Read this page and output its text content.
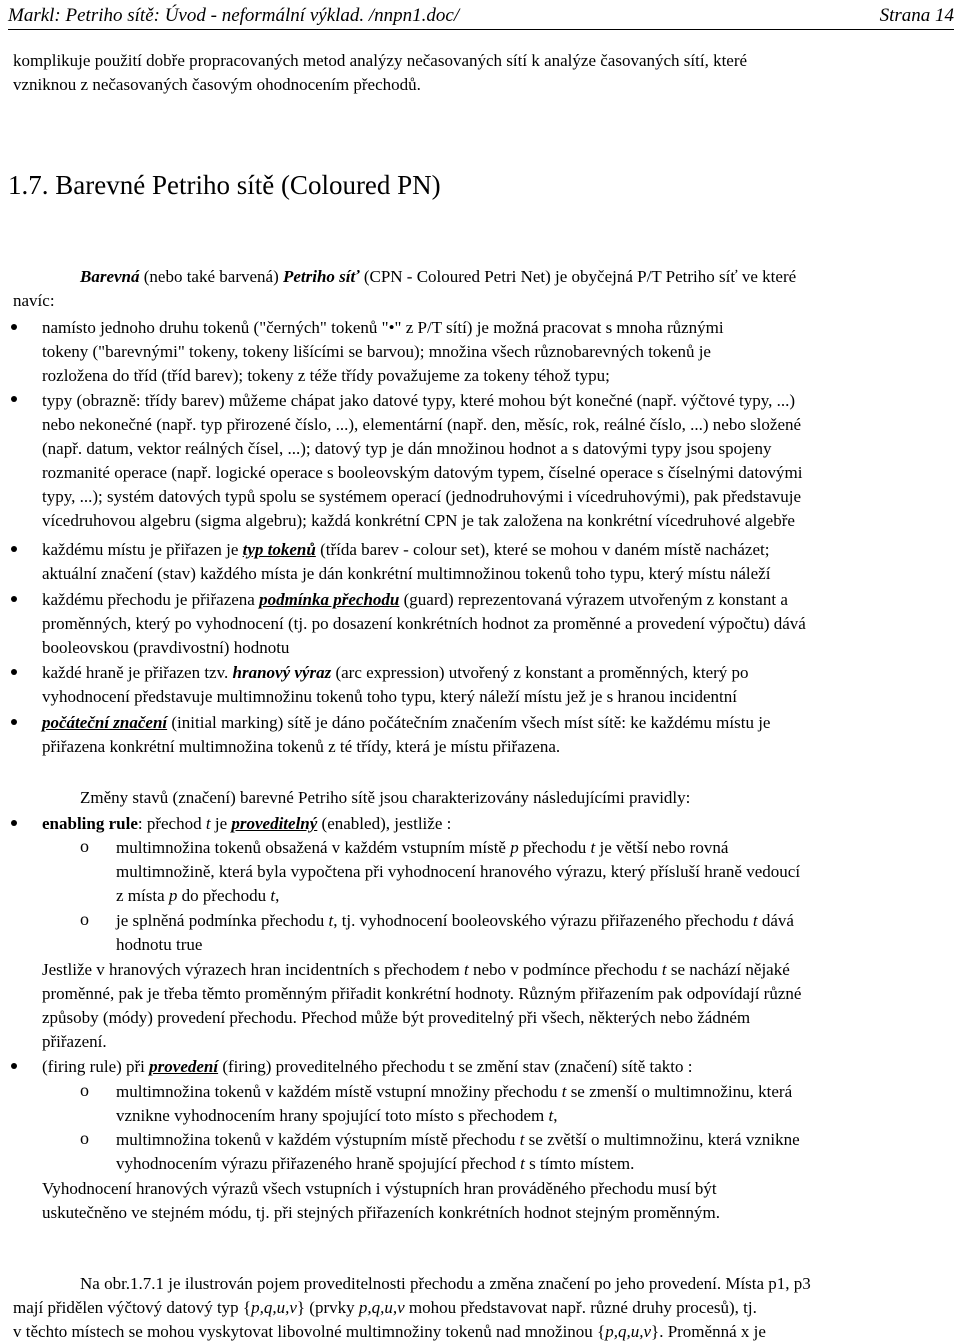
Markl: Petriho sítě: Úvod - neformální výklad. /nnpn1.doc/	Strana 14
komplikuje použití dobře propracovaných metod analýzy nečasovaných sítí k analýze časovaných sítí, které
vzniknou z nečasovaných časovým ohodnocením přechodů.
1.7. Barevné Petriho sítě (Coloured PN)
Barevná (nebo také barvená) Petriho síť (CPN - Coloured Petri Net) je obyčejná P/T Petriho síť ve které
navíc:
namísto jednoho druhu tokenů ("černých" tokenů "•" z P/T sítí) je možná pracovat s mnoha různými
tokeny ("barevnými" tokeny, tokeny lišícími se barvou); množina všech různobarevných tokenů je
rozložena do tříd (tříd barev); tokeny z téže třídy považujeme za tokeny téhož typu;
typy (obrazně: třídy barev) můžeme chápat jako datové typy, které mohou být konečné (např. výčtové typy, ...)
nebo nekonečné (např. typ přirozené číslo, ...), elementární (např. den, měsíc, rok, reálné číslo, ...) nebo složené
(např. datum, vektor reálných čísel, ...); datový typ je dán množinou hodnot a s datovými typy jsou spojeny
rozmanité operace (např. logické operace s booleovským datovým typem, číselné operace s číselnými datovými
typy, ...); systém datových typů spolu se systémem operací (jednodruhovými i vícedruhovými), pak představuje
vícedruhovou algebru (sigma algebru); každá konkrétní CPN je tak založena na konkrétní vícedruhové algebře
každému místu je přiřazen je typ tokenů (třída barev - colour set), které se mohou v daném místě nacházet;
aktuální značení (stav) každého místa je dán konkrétní multimnožinou tokenů toho typu, který místu náleží
každému přechodu je přiřazena podmínka přechodu (guard) reprezentovaná výrazem utvořeným z konstant a
proměnných, který po vyhodnocení (tj. po dosazení konkrétních hodnot za proměnné a provedení výpočtu) dává
booleovskou (pravdivostní) hodnotu
každé hraně je přiřazen tzv. hranový výraz (arc expression) utvořený z konstant a proměnných, který po
vyhodnocení představuje multimnožinu tokenů toho typu, který náleží místu jež je s hranou incidentní
počáteční značení (initial marking) sítě je dáno počátečním značením všech míst sítě: ke každému místu je
přiřazena konkrétní multimnožina tokenů z té třídy, která je místu přiřazena.
Změny stavů (značení) barevné Petriho sítě jsou charakterizovány následujícími pravidly:
enabling rule: přechod t je proveditelný (enabled), jestliže :
o multimnožina tokenů obsažená v každém vstupním místě p přechodu t je větší nebo rovná
multimnožině, která byla vypočtena při vyhodnocení hranového výrazu, který přísluší hraně vedoucí
z místa p do přechodu t,
o je splněná podmínka přechodu t, tj. vyhodnocení booleovského výrazu přiřazeného přechodu t dává
hodnotu true
Jestliže v hranových výrazech hran incidentních s přechodem t nebo v podmínce přechodu t se nachází nějaké
proměnné, pak je třeba těmto proměnným přiřadit konkrétní hodnoty. Různým přiřazením pak odpovídají různé
způsoby (módy) provedení přechodu. Přechod může být proveditelný při všech, některých nebo žádném
přiřazení.
(firing rule) při provedení (firing) proveditelného přechodu t se změní stav (značení) sítě takto :
o multimnožina tokenů v každém místě vstupní množiny přechodu t se zmenší o multimnožinu, která
vznikne vyhodnocením hrany spojující toto místo s přechodem t,
o multimnožina tokenů v každém výstupním místě přechodu t se zvětší o multimnožinu, která vznikne
vyhodnocením výrazu přiřazeného hraně spojující přechod t s tímto místem.
Vyhodnocení hranových výrazů všech vstupních i výstupních hran prováděného přechodu musí být
uskutečněno ve stejném módu, tj. při stejných přiřazeních konkrétních hodnot stejným proměnným.
Na obr.1.7.1 je ilustrován pojem proveditelnosti přechodu a změna značení po jeho provedení. Místa p1, p3
mají přidělen výčtový datový typ {p,q,u,v} (prvky p,q,u,v mohou představovat např. různé druhy procesů), tj.
v těchto místech se mohou vyskytovat libovolné multimnožiny tokenů nad množinou {p,q,u,v}. Proměnná x je
